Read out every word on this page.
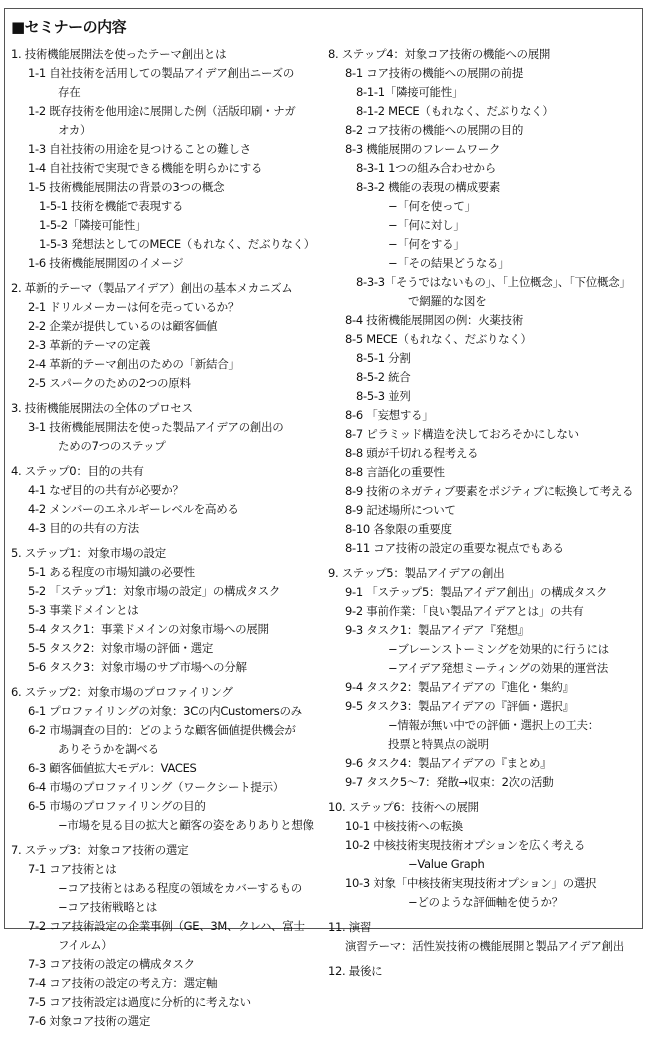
■セミナーの内容
1. 技術機能展開法を使ったテーマ創出とは
1-1 自社技術を活用しての製品アイデア創出ニーズの
存在
1-2 既存技術を他用途に展開した例（活版印刷・ナガ
オカ）
1-3 自社技術の用途を見つけることの難しさ
1-4 自社技術で実現できる機能を明らかにする
1-5 技術機能展開法の背景の3つの概念
1-5-1 技術を機能で表現する
1-5-2「隣接可能性」
1-5-3 発想法としてのMECE（もれなく、だぶりなく）
1-6 技術機能展開図のイメージ
2. 革新的テーマ（製品アイデア）創出の基本メカニズム
2-1 ドリルメーカーは何を売っているか？
2-2 企業が提供しているのは顧客価値
2-3 革新的テーマの定義
2-4 革新的テーマ創出のための「新結合」
2-5 スパークのための2つの原料
3. 技術機能展開法の全体のプロセス
3-1 技術機能展開法を使った製品アイデアの創出の
ための7つのステップ
4. ステップ0：目的の共有
4-1 なぜ目的の共有が必要か？
4-2 メンバーのエネルギーレベルを高める
4-3 目的の共有の方法
5. ステップ1：対象市場の設定
5-1 ある程度の市場知識の必要性
5-2 「ステップ1：対象市場の設定」の構成タスク
5-3 事業ドメインとは
5-4 タスク1：事業ドメインの対象市場への展開
5-5 タスク2：対象市場の評価・選定
5-6 タスク3：対象市場のサブ市場への分解
6. ステップ2：対象市場のプロファイリング
6-1 プロファイリングの対象：3Cの内Customersのみ
6-2 市場調査の目的：どのような顧客価値提供機会が
ありそうかを調べる
6-3 顧客価値拡大モデル：VACES
6-4 市場のプロファイリング（ワークシート提示）
6-5 市場のプロファイリングの目的
−市場を見る目の拡大と顧客の姿をありありと想像
7. ステップ3：対象コア技術の選定
7-1 コア技術とは
−コア技術とはある程度の領域をカバーするもの
−コア技術戦略とは
7-2 コア技術設定の企業事例（GE、3M、クレハ、富士
フイルム）
7-3 コア技術の設定の構成タスク
7-4 コア技術の設定の考え方：選定軸
7-5 コア技術設定は過度に分析的に考えない
7-6 対象コア技術の選定
8. ステップ4：対象コア技術の機能への展開
8-1 コア技術の機能への展開の前提
8-1-1「隣接可能性」
8-1-2 MECE（もれなく、だぶりなく）
8-2 コア技術の機能への展開の目的
8-3 機能展開のフレームワーク
8-3-1 1つの組み合わせから
8-3-2 機能の表現の構成要素
−「何を使って」
−「何に対し」
−「何をする」
−「その結果どうなる」
8-3-3「そうではないもの」、「上位概念」、「下位概念」
で網羅的な図を
8-4 技術機能展開図の例：火薬技術
8-5 MECE（もれなく、だぶりなく）
8-5-1 分割
8-5-2 統合
8-5-3 並列
8-6 「妄想する」
8-7 ピラミッド構造を決しておろそかにしない
8-8 頭が千切れる程考える
8-8 言語化の重要性
8-9 技術のネガティブ要素をポジティブに転換して考える
8-9 記述場所について
8-10 各象限の重要度
8-11 コア技術の設定の重要な視点でもある
9. ステップ5：製品アイデアの創出
9-1 「ステップ5：製品アイデア創出」の構成タスク
9-2 事前作業：「良い製品アイデアとは」の共有
9-3 タスク1：製品アイデア『発想』
−ブレーンストーミングを効果的に行うには
−アイデア発想ミーティングの効果的運営法
9-4 タスク2：製品アイデアの『進化・集約』
9-5 タスク3：製品アイデアの『評価・選択』
−情報が無い中での評価・選択上の工夫：
投票と特異点の説明
9-6 タスク4：製品アイデアの『まとめ』
9-7 タスク5〜7：発散→収束：2次の活動
10. ステップ6：技術への展開
10-1 中核技術への転換
10-2 中核技術実現技術オプションを広く考える
−Value Graph
10-3 対象「中核技術実現技術オプション」の選択
−どのような評価軸を使うか？
11. 演習
演習テーマ：活性炭技術の機能展開と製品アイデア創出
12. 最後に
